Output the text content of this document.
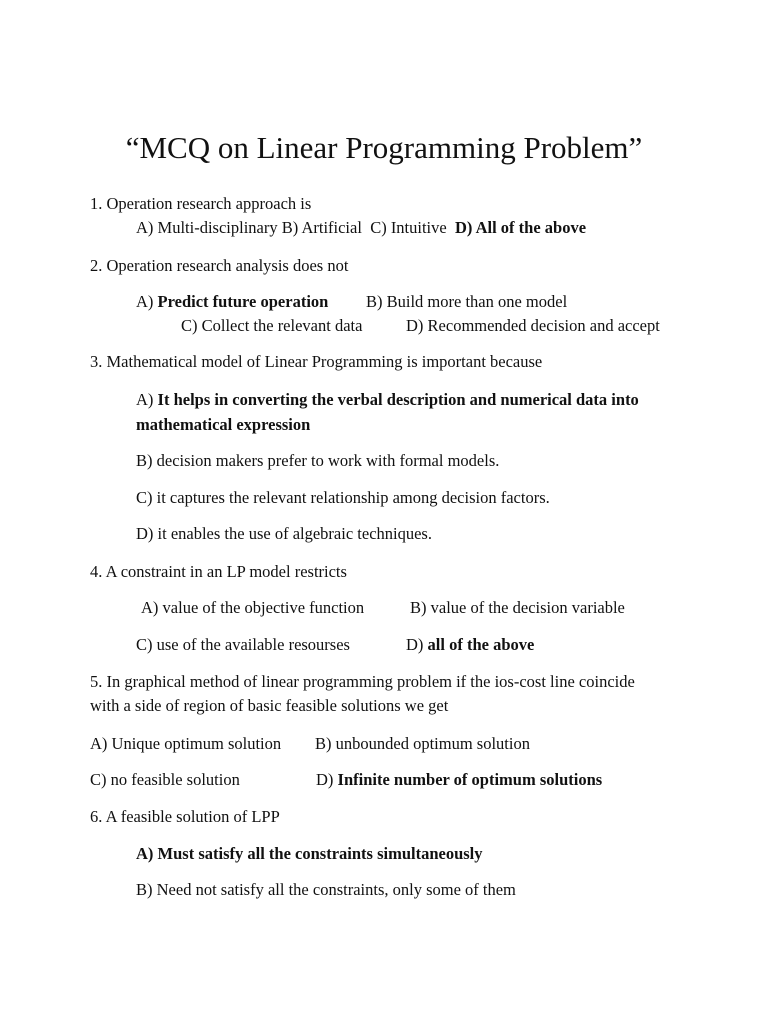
“MCQ on Linear Programming Problem”
1. Operation research approach is
A) Multi-disciplinary B) Artificial C) Intuitive D) All of the above
2. Operation research analysis does not
A) Predict future operation B) Build more than one model
C) Collect the relevant data	D) Recommended decision and accept
3. Mathematical model of Linear Programming is important because
A) It helps in converting the verbal description and numerical data into
mathematical expression
B) decision makers prefer to work with formal models.
C) it captures the relevant relationship among decision factors.
D) it enables the use of algebraic techniques.
4. A constraint in an LP model restricts
A) value of the objective function	B) value of the decision variable
C) use of the available resourses	D) all of the above
5. In graphical method of linear programming problem if the ios-cost line coincide
with a side of region of basic feasible solutions we get
A) Unique optimum solution B) unbounded optimum solution
C) no feasible solution	D) Infinite number of optimum solutions
6. A feasible solution of LPP
A) Must satisfy all the constraints simultaneously
B) Need not satisfy all the constraints, only some of them
